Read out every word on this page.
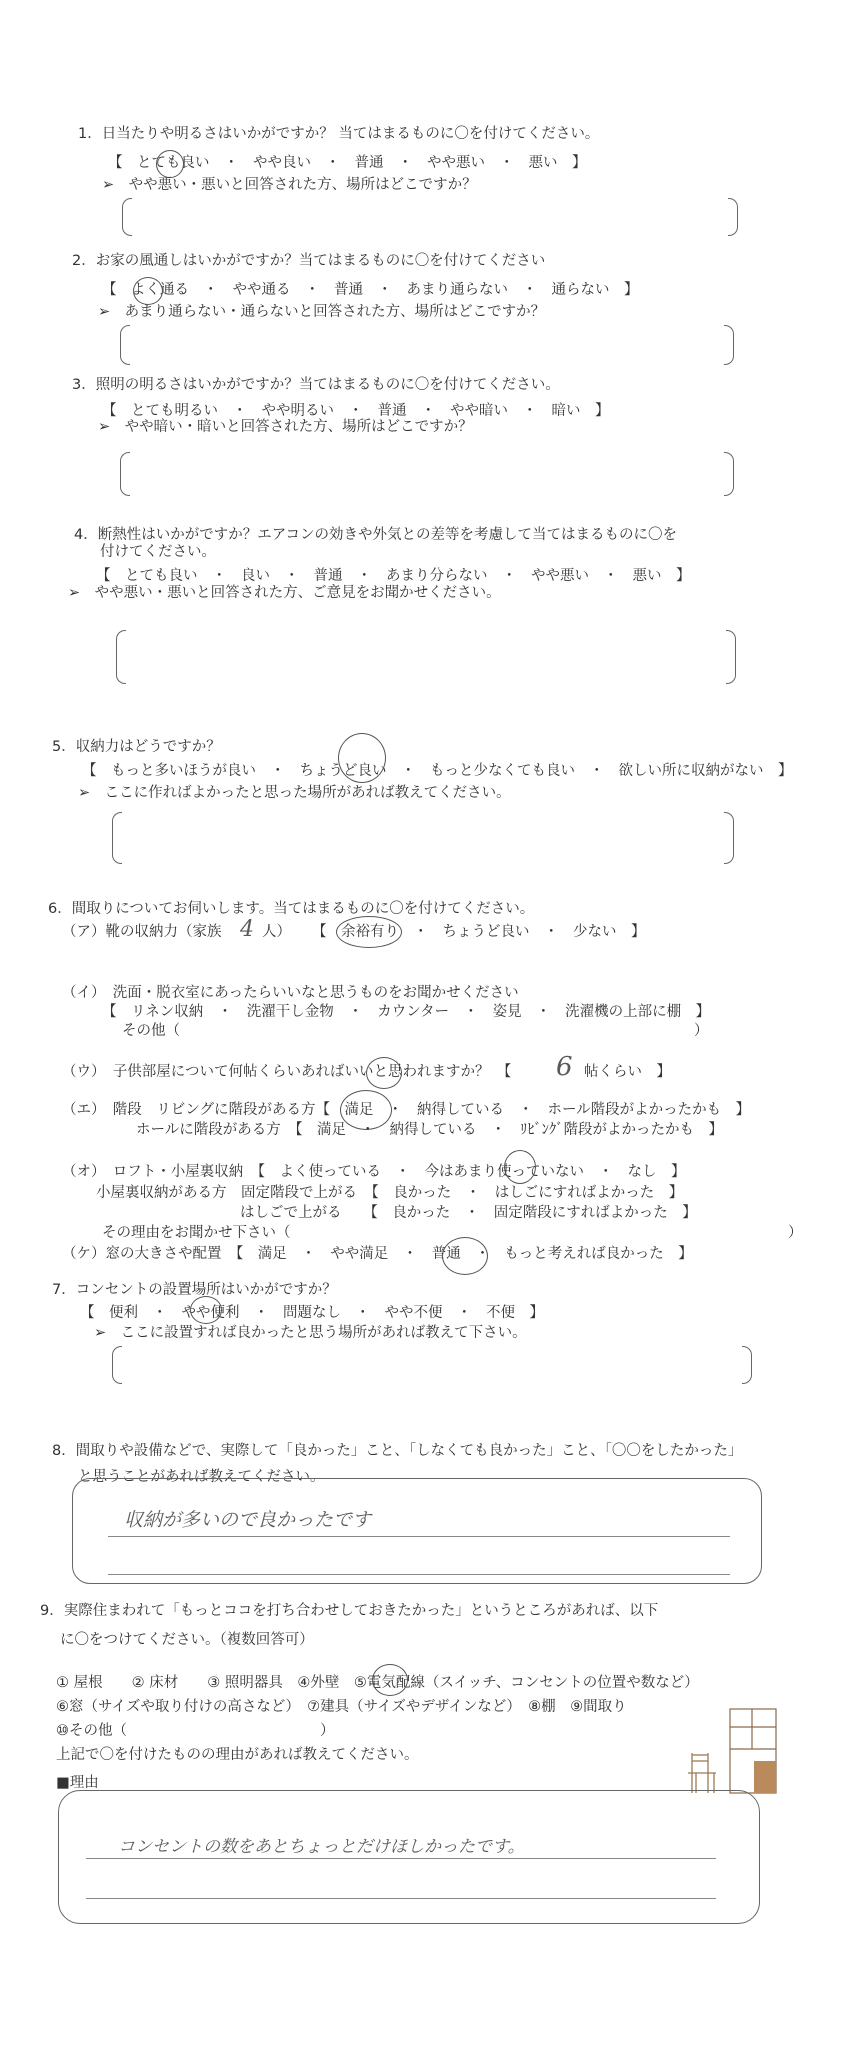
1．日当たりや明るさはいかがですか？ 当てはまるものに〇を付けてください。
【　とても良い　・　やや良い　・　普通　・　やや悪い　・　悪い　】
➢　やや悪い・悪いと回答された方、場所はどこですか？
2．お家の風通しはいかがですか？当てはまるものに〇を付けてください
【　よく通る　・　やや通る　・　普通　・　あまり通らない　・　通らない　】
➢　あまり通らない・通らないと回答された方、場所はどこですか？
3．照明の明るさはいかがですか？当てはまるものに〇を付けてください。
【　とても明るい　・　やや明るい　・　普通　・　やや暗い　・　暗い　】
➢　やや暗い・暗いと回答された方、場所はどこですか？
4．断熱性はいかがですか？エアコンの効きや外気との差等を考慮して当てはまるものに〇を
付けてください。
【　とても良い　・　良い　・　普通　・　あまり分らない　・　やや悪い　・　悪い　】
➢　やや悪い・悪いと回答された方、ご意見をお聞かせください。
5．収納力はどうですか？
【　もっと多いほうが良い　・　ちょうど良い　・　もっと少なくても良い　・　欲しい所に収納がない　】
➢　ここに作ればよかったと思った場所があれば教えてください。
6．間取りについてお伺いします。当てはまるものに〇を付けてください。
（ア）靴の収納力（家族 4 人） 【　余裕有り　・　ちょうど良い　・　少ない　】
（イ）　洗面・脱衣室にあったらいいなと思うものをお聞かせください
【　リネン収納　・　洗濯干し金物　・　カウンター　・　姿見　・　洗濯機の上部に棚　】
その他（	）
（ウ）　子供部屋について何帖くらいあればいいと思われますか？　【 6 帖くらい　】
（エ）　階段　リビングに階段がある方【　満足　・　納得している　・　ホール階段がよかったかも　】
ホールに階段がある方　【　満足　・　納得している　・　ﾘﾋﾞﾝｸﾞ階段がよかったかも　】
（オ）　ロフト・小屋裏収納　【　よく使っている　・　今はあまり使っていない　・　なし　】
小屋裏収納がある方　固定階段で上がる　【　良かった　・　はしごにすればよかった　】
はしごで上がる　　【　良かった　・　固定階段にすればよかった　】
その理由をお聞かせ下さい（	）
（ケ）窓の大きさや配置　【　満足　・　やや満足　・　普通　・　もっと考えれば良かった　】
7．コンセントの設置場所はいかがですか？
【　便利　・　やや便利　・　問題なし　・　やや不便　・　不便　】
➢　ここに設置すれば良かったと思う場所があれば教えて下さい。
8．間取りや設備などで、実際して「良かった」こと、「しなくても良かった」こと、「〇〇をしたかった」
と思うことがあれば教えてください。
収納が多いので良かったです
9．実際住まわれて「もっとココを打ち合わせしておきたかった」というところがあれば、以下
に〇をつけてください。（複数回答可）
① 屋根　　② 床材　　③ 照明器具　④外壁　⑤電気配線（スイッチ、コンセントの位置や数など）
⑥窓（サイズや取り付けの高さなど）　⑦建具（サイズやデザインなど）　⑧棚　⑨間取り
⑩その他（	）
上記で〇を付けたものの理由があれば教えてください。
■理由
コンセントの数をあとちょっとだけほしかったです。
